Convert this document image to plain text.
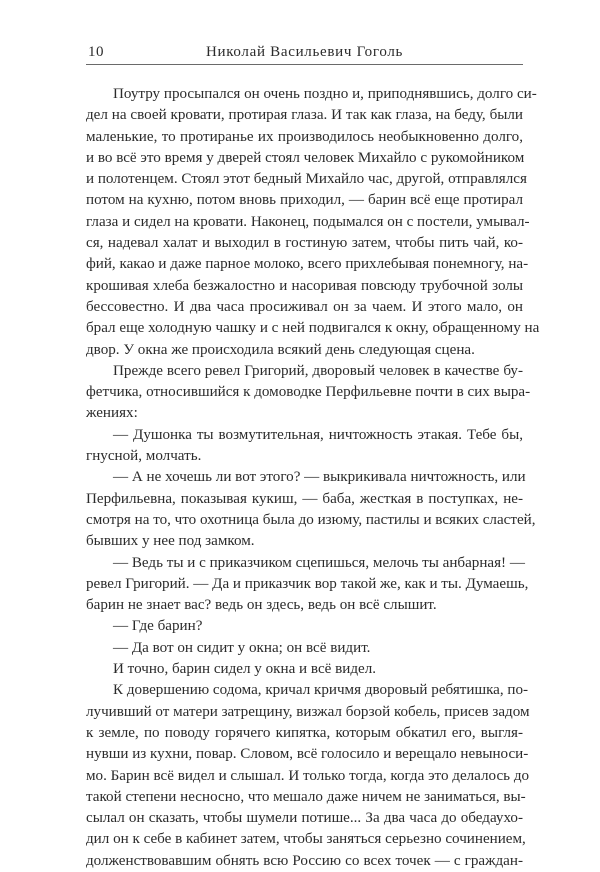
10	Николай Васильевич Гоголь
Поутру просыпался он очень поздно и, приподнявшись, долго си-
дел на своей кровати, протирая глаза. И так как глаза, на беду, были
маленькие, то протиранье их производилось необыкновенно долго,
и во всё это время у дверей стоял человек Михайло с рукомойником
и полотенцем. Стоял этот бедный Михайло час, другой, отправлялся
потом на кухню, потом вновь приходил, — барин всё еще протирал
глаза и сидел на кровати. Наконец, подымался он с постели, умывал-
ся, надевал халат и выходил в гостиную затем, чтобы пить чай, ко-
фий, какао и даже парное молоко, всего прихлебывая понемногу, на-
крошивая хлеба безжалостно и насоривая повсюду трубочной золы
бессовестно. И два часа просиживал он за чаем. И этого мало, он
брал еще холодную чашку и с ней подвигался к окну, обращенному на
двор. У окна же происходила всякий день следующая сцена.
Прежде всего ревел Григорий, дворовый человек в качестве бу-
фетчика, относившийся к домоводке Перфильевне почти в сих выра-
жениях:
— Душонка ты возмутительная, ничтожность этакая. Тебе бы,
гнусной, молчать.
— А не хочешь ли вот этого? — выкрикивала ничтожность, или
Перфильевна, показывая кукиш, — баба, жесткая в поступках, не-
смотря на то, что охотница была до изюму, пастилы и всяких сластей,
бывших у нее под замком.
— Ведь ты и с приказчиком сцепишься, мелочь ты анбарная! —
ревел Григорий. — Да и приказчик вор такой же, как и ты. Думаешь,
барин не знает вас? ведь он здесь, ведь он всё слышит.
— Где барин?
— Да вот он сидит у окна; он всё видит.
И точно, барин сидел у окна и всё видел.
К довершению содома, кричал кричмя дворовый ребятишка, по-
лучивший от матери затрещину, визжал борзой кобель, присев задом
к земле, по поводу горячего кипятка, которым обкатил его, выгля-
нувши из кухни, повар. Словом, всё голосило и верещало невыноси-
мо. Барин всё видел и слышал. И только тогда, когда это делалось до
такой степени несносно, что мешало даже ничем не заниматься, вы-
сылал он сказать, чтобы шумели потише... За два часа до обедаухо-
дил он к себе в кабинет затем, чтобы заняться серьезно сочинением,
долженствовавшим обнять всю Россию со всех точек — с граждан-
